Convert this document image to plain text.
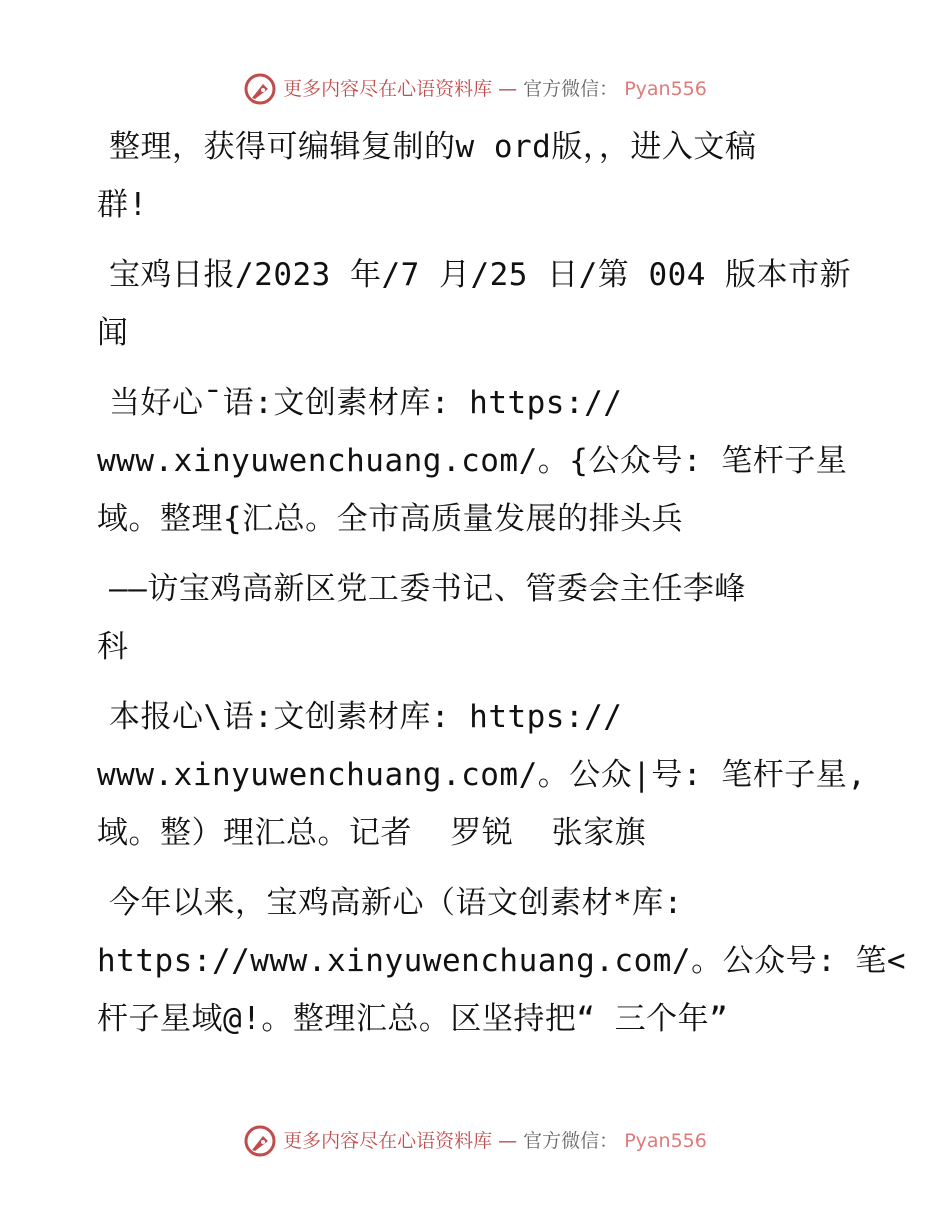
更多内容尽在心语资料库 — 官方微信： Pyan556

整理，获得可编辑复制的w ord版，，进入文稿
群!

宝鸡日报/2023 年/7 月/25 日/第 004 版本市新
闻

当好心¯语:文创素材库: https://
www.xinyuwenchuang.com/。{公众号: 笔杆子星
域。整理{汇总。全市高质量发展的排头兵

——访宝鸡高新区党工委书记、管委会主任李峰
科

本报心\语:文创素材库: https://
www.xinyuwenchuang.com/。公众|号: 笔杆子星,
域。整）理汇总。记者  罗锐  张家旗

今年以来，宝鸡高新心（语文创素材*库:
https://www.xinyuwenchuang.com/。公众号: 笔<
杆子星域@!。整理汇总。区坚持把“ 三个年”

更多内容尽在心语资料库 — 官方微信： Pyan556
